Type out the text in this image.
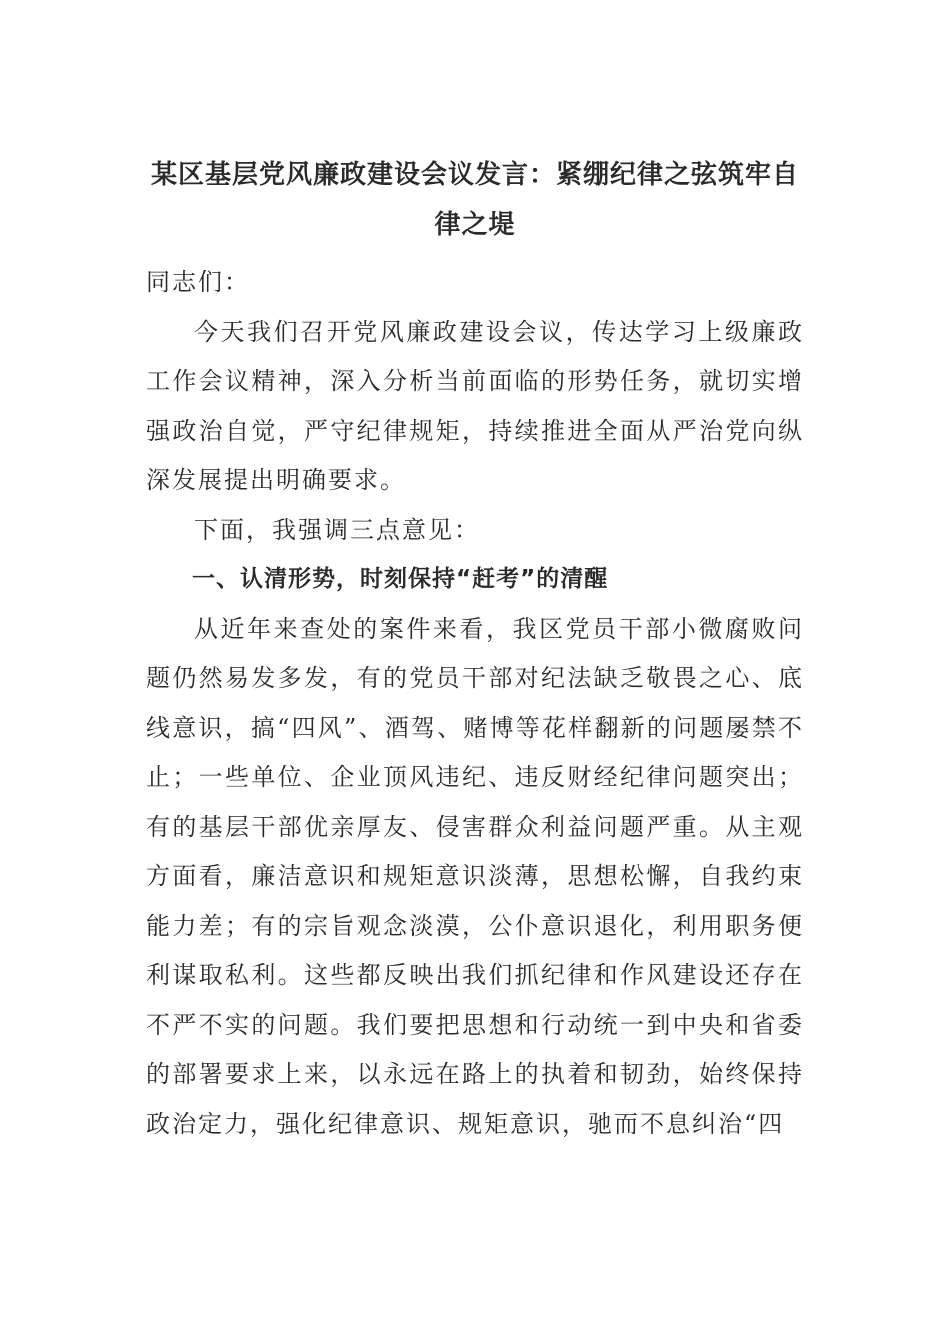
某区基层党风廉政建设会议发言：紧绷纪律之弦筑牢自律之堤

同志们：

今天我们召开党风廉政建设会议，传达学习上级廉政工作会议精神，深入分析当前面临的形势任务，就切实增强政治自觉，严守纪律规矩，持续推进全面从严治党向纵深发展提出明确要求。

下面，我强调三点意见：

一、认清形势，时刻保持“赶考”的清醒

从近年来查处的案件来看，我区党员干部小微腐败问题仍然易发多发，有的党员干部对纪法缺乏敬畏之心、底线意识，搞“四风”、酒驾、赌博等花样翻新的问题屡禁不止；一些单位、企业顶风违纪、违反财经纪律问题突出；有的基层干部优亲厚友、侵害群众利益问题严重。从主观方面看，廉洁意识和规矩意识淡薄，思想松懈，自我约束能力差；有的宗旨观念淡漠，公仆意识退化，利用职务便利谋取私利。这些都反映出我们抓纪律和作风建设还存在不严不实的问题。我们要把思想和行动统一到中央和省委的部署要求上来，以永远在路上的执着和韧劲，始终保持政治定力，强化纪律意识、规矩意识，驰而不息纠治“四
